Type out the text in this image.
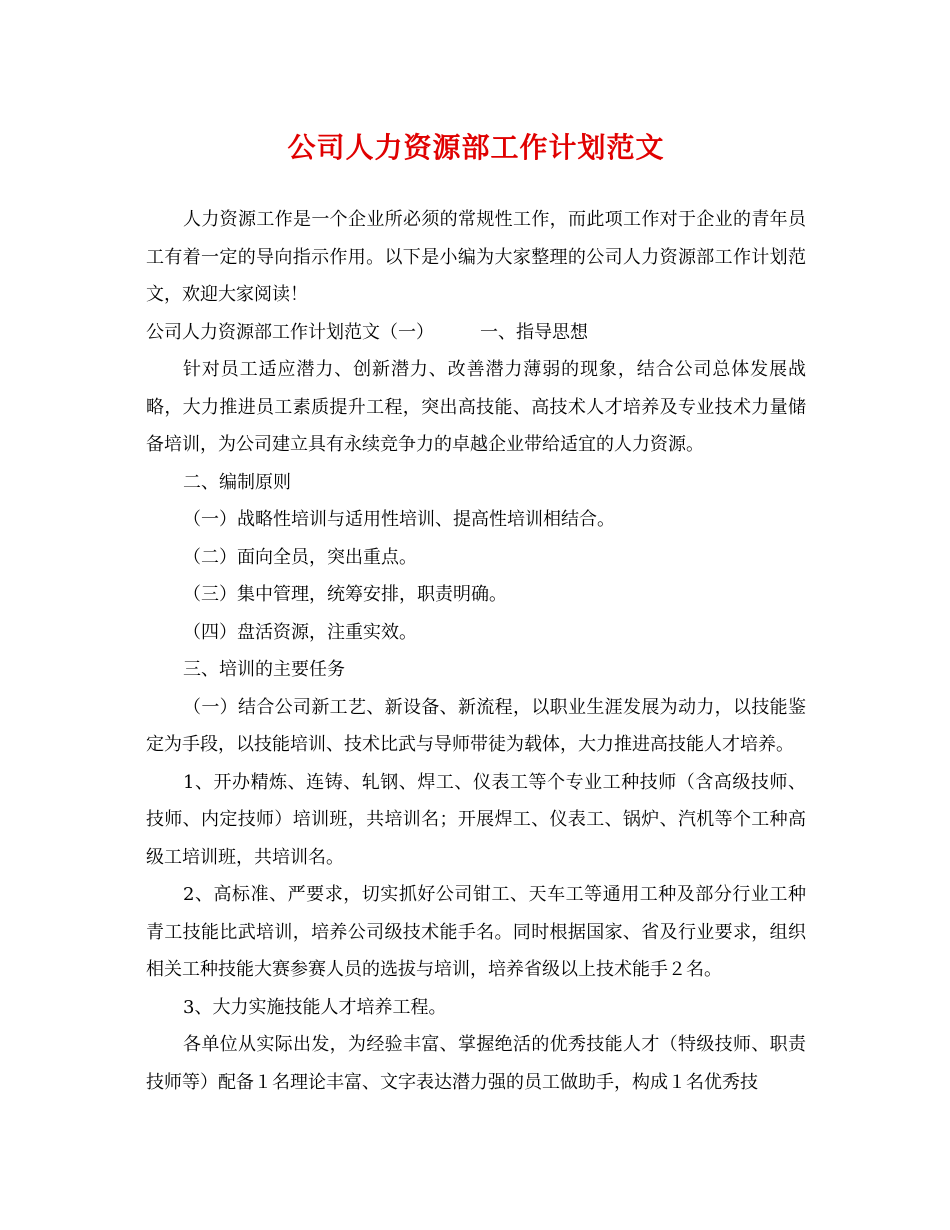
公司人力资源部工作计划范文

人力资源工作是一个企业所必须的常规性工作，而此项工作对于企业的青年员工有着一定的导向指示作用。以下是小编为大家整理的公司人力资源部工作计划范文，欢迎大家阅读！

公司人力资源部工作计划范文（一）	一、指导思想

针对员工适应潜力、创新潜力、改善潜力薄弱的现象，结合公司总体发展战略，大力推进员工素质提升工程，突出高技能、高技术人才培养及专业技术力量储备培训，为公司建立具有永续竞争力的卓越企业带给适宜的人力资源。

二、编制原则

（一）战略性培训与适用性培训、提高性培训相结合。

（二）面向全员，突出重点。

（三）集中管理，统筹安排，职责明确。

（四）盘活资源，注重实效。

三、培训的主要任务

（一）结合公司新工艺、新设备、新流程，以职业生涯发展为动力，以技能鉴定为手段，以技能培训、技术比武与导师带徒为载体，大力推进高技能人才培养。

1、开办精炼、连铸、轧钢、焊工、仪表工等个专业工种技师（含高级技师、技师、内定技师）培训班，共培训名；开展焊工、仪表工、锅炉、汽机等个工种高级工培训班，共培训名。

2、高标准、严要求，切实抓好公司钳工、天车工等通用工种及部分行业工种青工技能比武培训，培养公司级技术能手名。同时根据国家、省及行业要求，组织相关工种技能大赛参赛人员的选拔与培训，培养省级以上技术能手２名。

3、大力实施技能人才培养工程。

各单位从实际出发，为经验丰富、掌握绝活的优秀技能人才（特级技师、职责技师等）配备１名理论丰富、文字表达潜力强的员工做助手，构成１名优秀技
